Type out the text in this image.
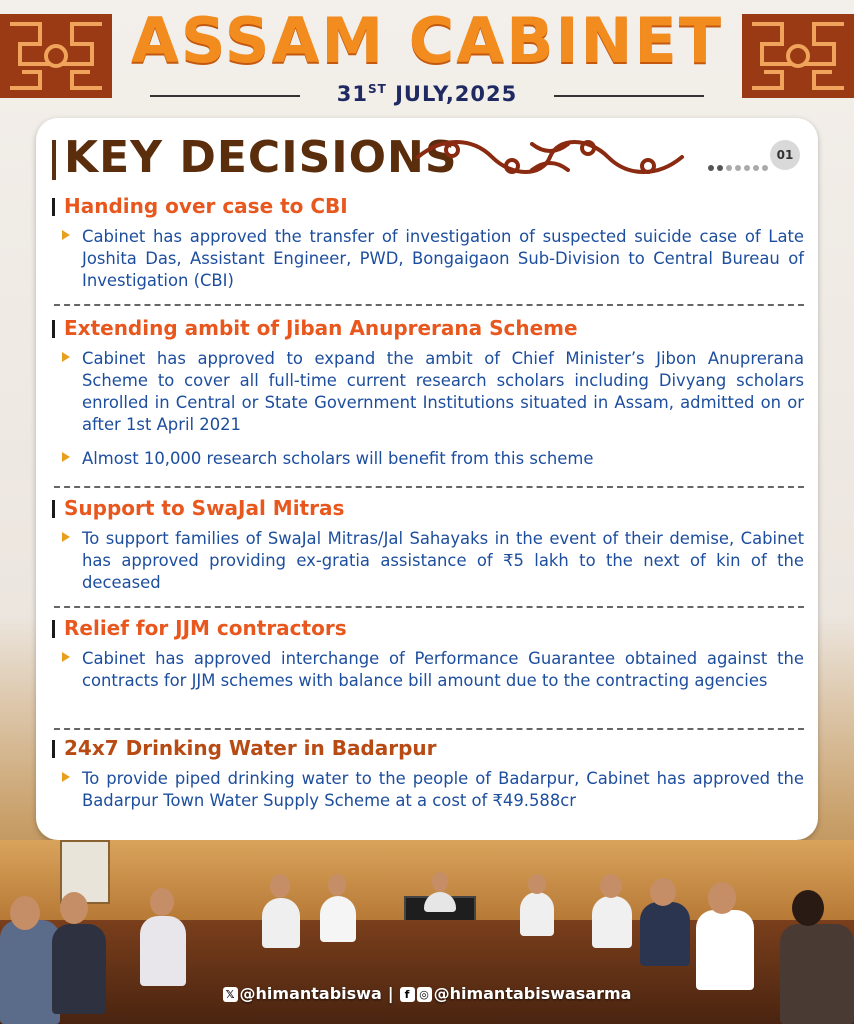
ASSAM CABINET
31ST JULY,2025
KEY DECISIONS	01
Handing over case to CBI
Cabinet has approved the transfer of investigation of suspected suicide case of Late Joshita Das, Assistant Engineer, PWD, Bongaigaon Sub-Division to Central Bureau of Investigation (CBI)
Extending ambit of Jiban Anuprerana Scheme
Cabinet has approved to expand the ambit of Chief Minister’s Jibon Anuprerana Scheme to cover all full-time current research scholars including Divyang scholars enrolled in Central or State Government Institutions situated in Assam, admitted on or after 1st April 2021
Almost 10,000 research scholars will benefit from this scheme
Support to SwaJal Mitras
To support families of SwaJal Mitras/Jal Sahayaks in the event of their demise, Cabinet has approved providing ex-gratia assistance of ₹5 lakh to the next of kin of the deceased
Relief for JJM contractors
Cabinet has approved interchange of Performance Guarantee obtained against the contracts for JJM schemes with balance bill amount due to the contracting agencies
24x7 Drinking Water in Badarpur
To provide piped drinking water to the people of Badarpur, Cabinet has approved the Badarpur Town Water Supply Scheme at a cost of ₹49.588cr
𝕏 @himantabiswa | f ◎ @himantabiswasarma
